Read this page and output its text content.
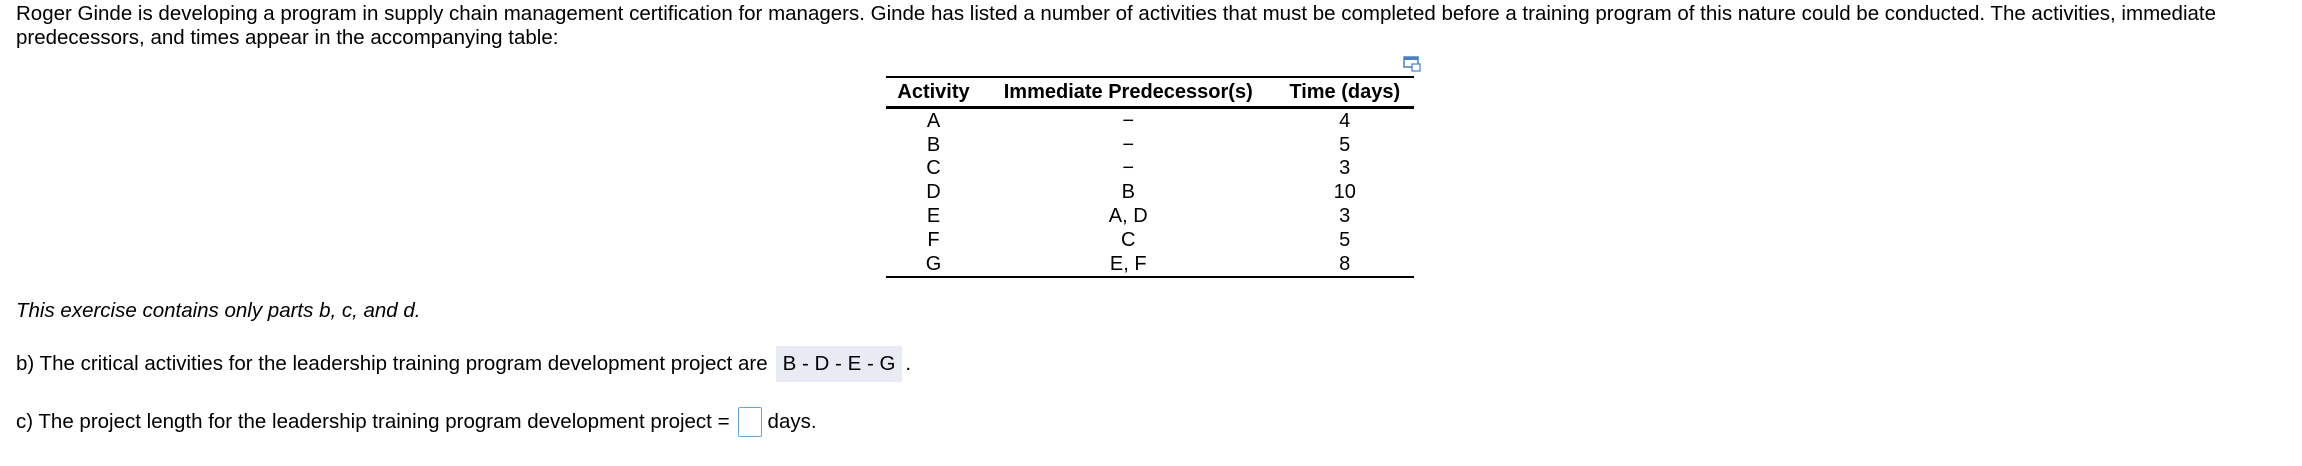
Roger Ginde is developing a program in supply chain management certification for managers. Ginde has listed a number of activities that must be completed before a training program of this nature could be conducted. The activities, immediate predecessors, and times appear in the accompanying table:
Activity	Immediate Predecessor(s)	Time (days)
A	−	4
B	−	5
C	−	3
D	B	10
E	A, D	3
F	C	5
G	E, F	8
This exercise contains only parts b, c, and d.
b) The critical activities for the leadership training program development project are B - D - E - G .
c) The project length for the leadership training program development project = days.
